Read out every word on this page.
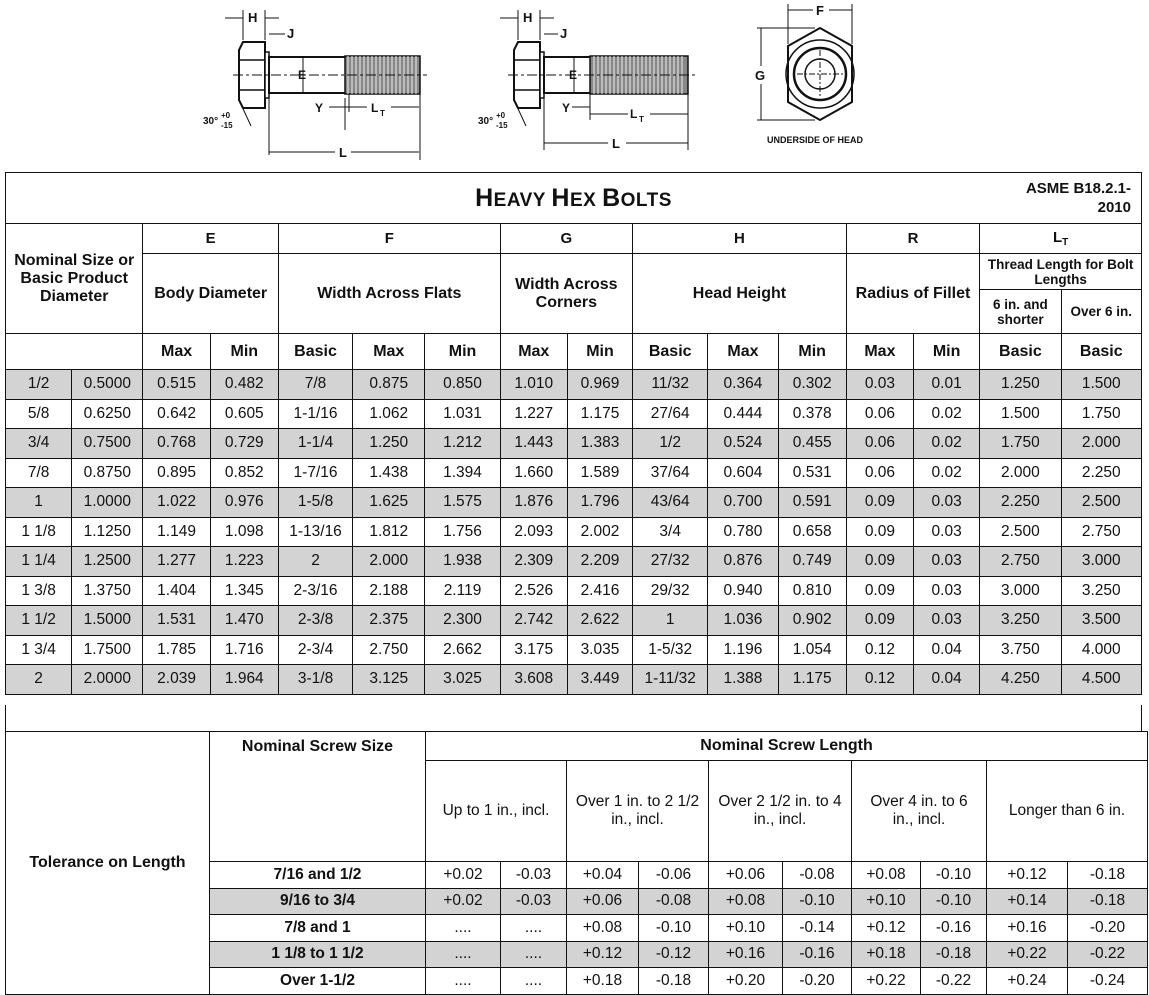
H
J
E
Y	L T
L
30°
+0
-15
H
J
E
Y	L T
L
30°
+0
-15
F
G
UNDERSIDE OF HEAD
HEAVY HEX BOLTS
ASME B18.2.1-
2010															

Nominal Size or Basic Product Diameter		E		F			G		H			R		$L_T$
		Body Diameter		Width Across Flats			Width Across Corners		Head Height			Radius of Fillet		Thread Length for Bolt Lengths	
														6 in. and shorter	Over 6 in.
		Max	Min	Basic	Max	Min	Max	Min	Basic	Max	Min	Max	Min	Basic	Basic
1/2	0.5000	0.515	0.482	7/8	0.875	0.850	1.010	0.969	11/32	0.364	0.302	0.03	0.01	1.250	1.500
5/8	0.6250	0.642	0.605	1-1/16	1.062	1.031	1.227	1.175	27/64	0.444	0.378	0.06	0.02	1.500	1.750
3/4	0.7500	0.768	0.729	1-1/4	1.250	1.212	1.443	1.383	1/2	0.524	0.455	0.06	0.02	1.750	2.000
7/8	0.8750	0.895	0.852	1-7/16	1.438	1.394	1.660	1.589	37/64	0.604	0.531	0.06	0.02	2.000	2.250
1	1.0000	1.022	0.976	1-5/8	1.625	1.575	1.876	1.796	43/64	0.700	0.591	0.09	0.03	2.250	2.500
1 1/8	1.1250	1.149	1.098	1-13/16	1.812	1.756	2.093	2.002	3/4	0.780	0.658	0.09	0.03	2.500	2.750
1 1/4	1.2500	1.277	1.223	2	2.000	1.938	2.309	2.209	27/32	0.876	0.749	0.09	0.03	2.750	3.000
1 3/8	1.3750	1.404	1.345	2-3/16	2.188	2.119	2.526	2.416	29/32	0.940	0.810	0.09	0.03	3.000	3.250
1 1/2	1.5000	1.531	1.470	2-3/8	2.375	2.300	2.742	2.622	1	1.036	0.902	0.09	0.03	3.250	3.500
1 3/4	1.7500	1.785	1.716	2-3/4	2.750	2.662	3.175	3.035	1-5/32	1.196	1.054	0.12	0.04	3.750	4.000
2	2.0000	2.039	1.964	3-1/8	3.125	3.025	3.608	3.449	1-11/32	1.388	1.175	0.12	0.04	4.250	4.500
Tolerance on Length	Nominal Screw Size	Nominal Screw Length										
		Up to 1 in., incl.		Over 1 in. to 2 1/2 in., incl.		Over 2 1/2 in. to 4 in., incl.		Over 4 in. to 6 in., incl.		Longer than 6 in.		

	7/16 and 1/2	+0.02	-0.03	+0.04	-0.06	+0.06	-0.08	+0.08	-0.10	+0.12	-0.18	
	9/16 to 3/4	+0.02	-0.03	+0.06	-0.08	+0.08	-0.10	+0.10	-0.10	+0.14	-0.18	
	7/8 and 1	....	....	+0.08	-0.10	+0.10	-0.14	+0.12	-0.16	+0.16	-0.20	
	1 1/8 to 1 1/2	....	....	+0.12	-0.12	+0.16	-0.16	+0.18	-0.18	+0.22	-0.22	
	Over 1-1/2	....	....	+0.18	-0.18	+0.20	-0.20	+0.22	-0.22	+0.24	-0.24	
